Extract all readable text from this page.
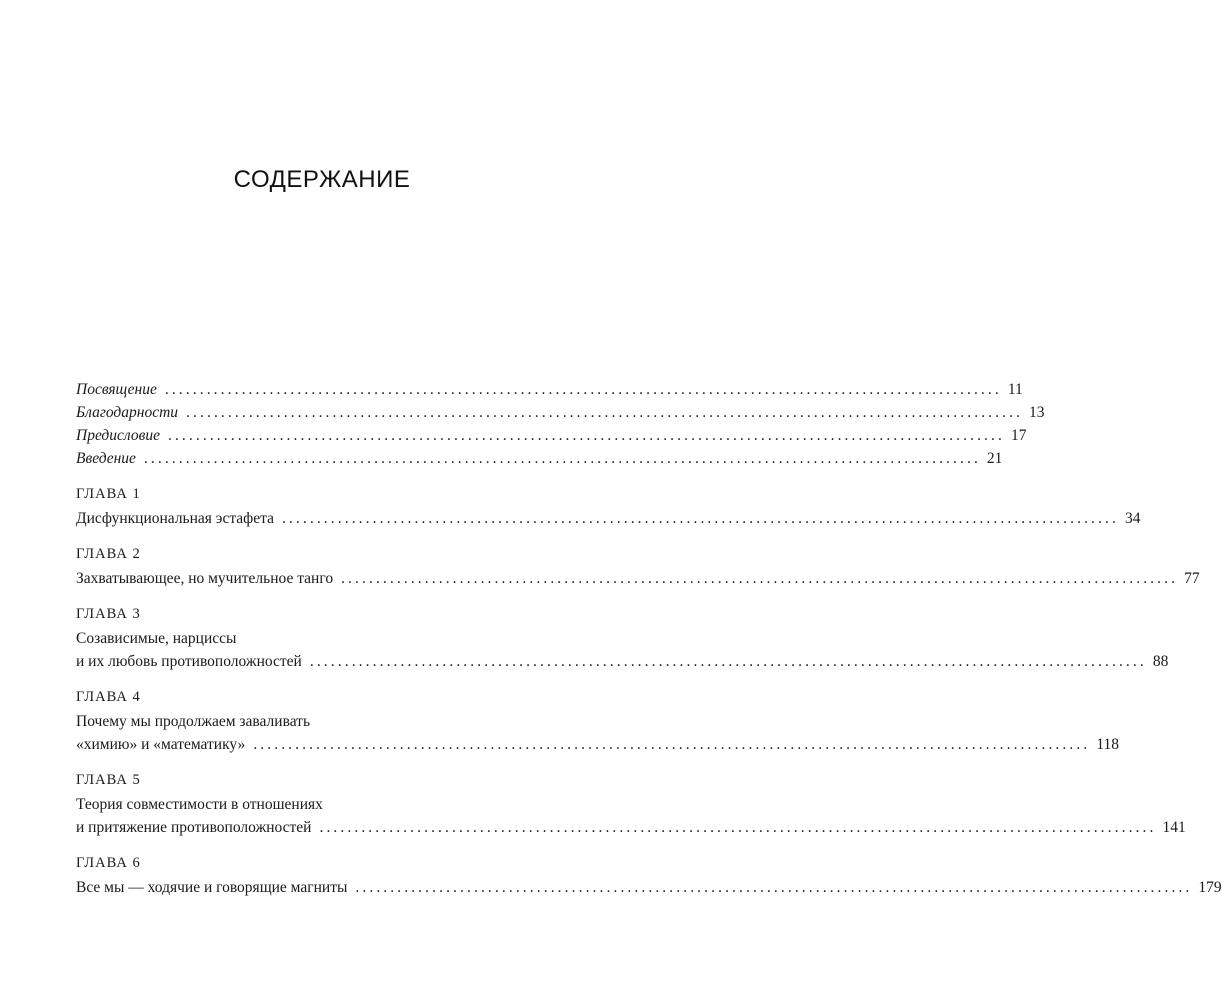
СОДЕРЖАНИЕ
Посвящение ........................................................................................................................ 11
Благодарности ........................................................................................................................ 13
Предисловие ........................................................................................................................ 17
Введение ........................................................................................................................ 21
ГЛАВА 1
Дисфункциональная эстафета ........................................................................................................................ 34
ГЛАВА 2
Захватывающее, но мучительное танго ........................................................................................................................ 77
ГЛАВА 3
Созависимые, нарциссы
и их любовь противоположностей ........................................................................................................................ 88
ГЛАВА 4
Почему мы продолжаем заваливать
«химию» и «математику» ........................................................................................................................ 118
ГЛАВА 5
Теория совместимости в отношениях
и притяжение противоположностей ........................................................................................................................ 141
ГЛАВА 6
Все мы — ходячие и говорящие магниты ........................................................................................................................ 179
